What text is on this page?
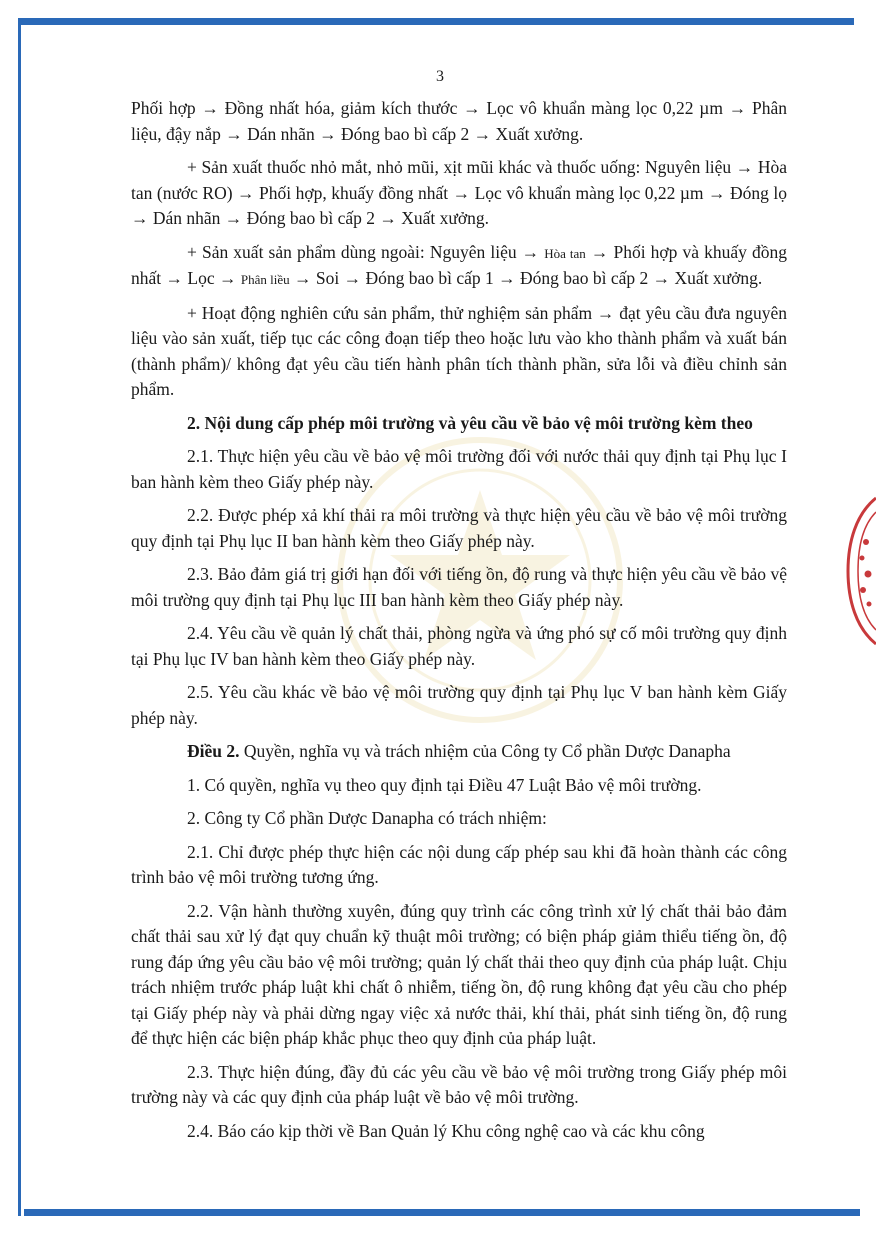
3

Phối hợp → Đồng nhất hóa, giảm kích thước → Lọc vô khuẩn màng lọc 0,22 µm → Phân liệu, đậy nắp → Dán nhãn → Đóng bao bì cấp 2 → Xuất xưởng.

+ Sản xuất thuốc nhỏ mắt, nhỏ mũi, xịt mũi khác và thuốc uống: Nguyên liệu → Hòa tan (nước RO) → Phối hợp, khuấy đồng nhất → Lọc vô khuẩn màng lọc 0,22 µm → Đóng lọ → Dán nhãn → Đóng bao bì cấp 2 → Xuất xưởng.

+ Sản xuất sản phẩm dùng ngoài: Nguyên liệu → Hòa tan → Phối hợp và khuấy đồng nhất → Lọc → Phân liều → Soi → Đóng bao bì cấp 1 → Đóng bao bì cấp 2 → Xuất xưởng.

+ Hoạt động nghiên cứu sản phẩm, thử nghiệm sản phẩm → đạt yêu cầu đưa nguyên liệu vào sản xuất, tiếp tục các công đoạn tiếp theo hoặc lưu vào kho thành phẩm và xuất bán (thành phẩm)/ không đạt yêu cầu tiến hành phân tích thành phần, sửa lỗi và điều chỉnh sản phẩm.

2. Nội dung cấp phép môi trường và yêu cầu về bảo vệ môi trường kèm theo

2.1. Thực hiện yêu cầu về bảo vệ môi trường đối với nước thải quy định tại Phụ lục I ban hành kèm theo Giấy phép này.

2.2. Được phép xả khí thải ra môi trường và thực hiện yêu cầu về bảo vệ môi trường quy định tại Phụ lục II ban hành kèm theo Giấy phép này.

2.3. Bảo đảm giá trị giới hạn đối với tiếng ồn, độ rung và thực hiện yêu cầu về bảo vệ môi trường quy định tại Phụ lục III ban hành kèm theo Giấy phép này.

2.4. Yêu cầu về quản lý chất thải, phòng ngừa và ứng phó sự cố môi trường quy định tại Phụ lục IV ban hành kèm theo Giấy phép này.

2.5. Yêu cầu khác về bảo vệ môi trường quy định tại Phụ lục V ban hành kèm Giấy phép này.

Điều 2. Quyền, nghĩa vụ và trách nhiệm của Công ty Cổ phần Dược Danapha

1. Có quyền, nghĩa vụ theo quy định tại Điều 47 Luật Bảo vệ môi trường.

2. Công ty Cổ phần Dược Danapha có trách nhiệm:

2.1. Chỉ được phép thực hiện các nội dung cấp phép sau khi đã hoàn thành các công trình bảo vệ môi trường tương ứng.

2.2. Vận hành thường xuyên, đúng quy trình các công trình xử lý chất thải bảo đảm chất thải sau xử lý đạt quy chuẩn kỹ thuật môi trường; có biện pháp giảm thiểu tiếng ồn, độ rung đáp ứng yêu cầu bảo vệ môi trường; quản lý chất thải theo quy định của pháp luật. Chịu trách nhiệm trước pháp luật khi chất ô nhiễm, tiếng ồn, độ rung không đạt yêu cầu cho phép tại Giấy phép này và phải dừng ngay việc xả nước thải, khí thải, phát sinh tiếng ồn, độ rung để thực hiện các biện pháp khắc phục theo quy định của pháp luật.

2.3. Thực hiện đúng, đầy đủ các yêu cầu về bảo vệ môi trường trong Giấy phép môi trường này và các quy định của pháp luật về bảo vệ môi trường.

2.4. Báo cáo kịp thời về Ban Quản lý Khu công nghệ cao và các khu công
